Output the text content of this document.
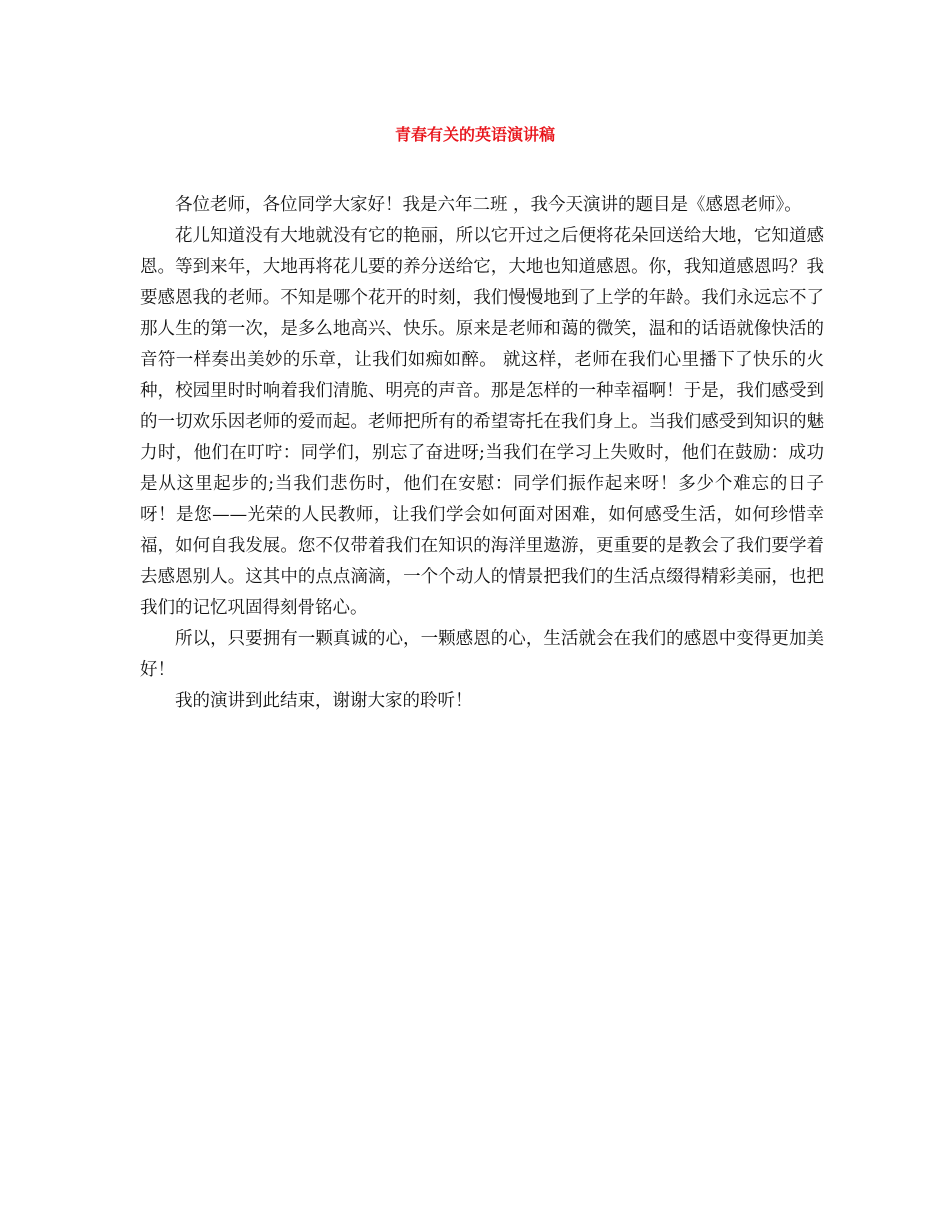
青春有关的英语演讲稿

各位老师，各位同学大家好！我是六年二班 ，我今天演讲的题目是《感恩老师》。

花儿知道没有大地就没有它的艳丽，所以它开过之后便将花朵回送给大地，它知道感恩。等到来年，大地再将花儿要的养分送给它，大地也知道感恩。你，我知道感恩吗？我要感恩我的老师。不知是哪个花开的时刻，我们慢慢地到了上学的年龄。我们永远忘不了那人生的第一次，是多么地高兴、快乐。原来是老师和蔼的微笑，温和的话语就像快活的音符一样奏出美妙的乐章，让我们如痴如醉。 就这样，老师在我们心里播下了快乐的火种，校园里时时响着我们清脆、明亮的声音。那是怎样的一种幸福啊！于是，我们感受到的一切欢乐因老师的爱而起。老师把所有的希望寄托在我们身上。当我们感受到知识的魅力时，他们在叮咛：同学们，别忘了奋进呀;当我们在学习上失败时，他们在鼓励：成功是从这里起步的;当我们悲伤时，他们在安慰：同学们振作起来呀！多少个难忘的日子呀！是您——光荣的人民教师，让我们学会如何面对困难，如何感受生活，如何珍惜幸福，如何自我发展。您不仅带着我们在知识的海洋里遨游，更重要的是教会了我们要学着去感恩别人。这其中的点点滴滴，一个个动人的情景把我们的生活点缀得精彩美丽，也把我们的记忆巩固得刻骨铭心。

所以，只要拥有一颗真诚的心，一颗感恩的心，生活就会在我们的感恩中变得更加美好！

我的演讲到此结束，谢谢大家的聆听！
